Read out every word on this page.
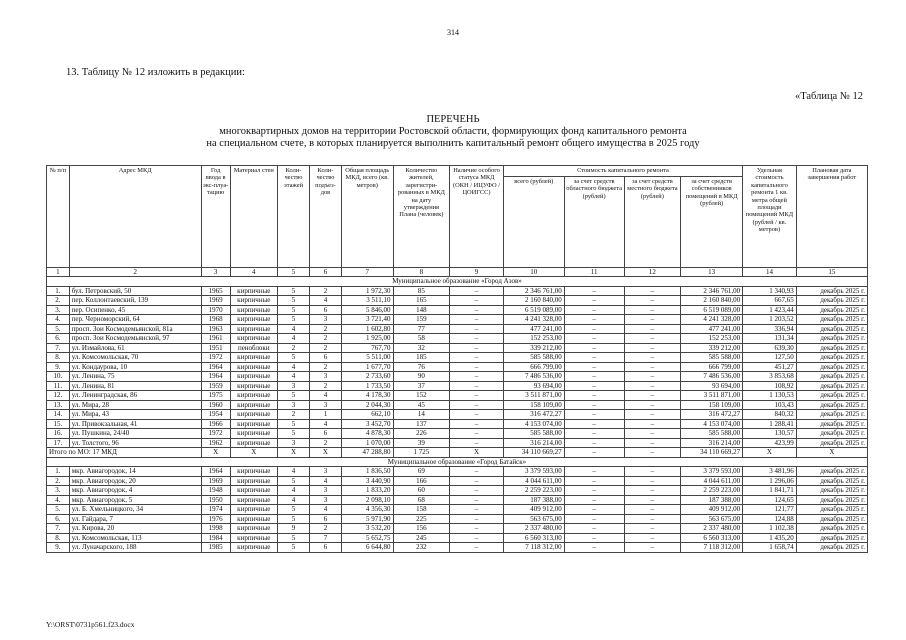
314
13. Таблицу № 12 изложить в редакции:
«Таблица № 12
ПЕРЕЧЕНЬ
многоквартирных домов на территории Ростовской области, формирующих фонд капитального ремонта
на специальном счете, в которых планируется выполнить капитальный ремонт общего имущества в 2025 году
№ п/п	Адрес МКД	Год ввода в экс-плуа-тацию	Материал стен	Коли-чество этажей	Коли-чество подъез-дов	Общая площадь МКД, всего (кв. метров)	Количество жителей, зарегистри-рованных в МКД на дату утверждения Плана (человек)	Наличие особого статуса МКД (ОКН / ИЦУФО / ЦОИГСС)	Стоимость капитального ремонта				Удельная стоимость капитального ремонта 1 кв. метра общей площади помещений МКД (рублей / кв. метров)	Плановая дата завершения работ
									всего (рублей)	за счет средств областного бюджета (рублей)	за счет средств местного бюджета (рублей)	за счет средств собственников помещений в МКД (рублей)		
1	2	3	4	5	6	7	8	9	10	11	12	13	14	15
Муниципальное образование «Город Азов»														
1.	бул. Петровский, 50	1965	кирпичные	5	2	1 972,30	85	–	2 346 761,00	–	–	2 346 761,00	1 340,93	декабрь 2025 г.
2.	пер. Коллонтаевский, 139	1969	кирпичные	5	4	3 511,10	165	–	2 160 840,00	–	–	2 160 840,00	667,65	декабрь 2025 г.
3.	пер. Осипенко, 45	1970	кирпичные	5	6	5 846,00	148	–	6 519 089,00	–	–	6 519 089,00	1 423,44	декабрь 2025 г.
4.	пер. Черноморский, 64	1968	кирпичные	5	3	3 721,40	159	–	4 241 328,00	–	–	4 241 328,00	1 203,52	декабрь 2025 г.
5.	просп. Зои Космодемьянской, 81а	1963	кирпичные	4	2	1 602,80	77	–	477 241,00	–	–	477 241,00	336,94	декабрь 2025 г.
6.	просп. Зои Космодемьянской, 97	1961	кирпичные	4	2	1 925,00	58	–	152 253,00	–	–	152 253,00	131,34	декабрь 2025 г.
7.	ул. Измайлова, 61	1951	пеноблоки	2	2	767,70	32	–	339 212,00	–	–	339 212,00	639,30	декабрь 2025 г.
8.	ул. Комсомольская, 70	1972	кирпичные	5	6	5 511,00	185	–	585 588,00	–	–	585 588,00	127,50	декабрь 2025 г.
9.	ул. Кондаурова, 10	1964	кирпичные	4	2	1 677,70	76	–	666 799,00	–	–	666 799,00	451,27	декабрь 2025 г.
10.	ул. Ленина, 75	1964	кирпичные	4	3	2 733,60	90	–	7 486 536,00	–	–	7 486 536,00	3 853,68	декабрь 2025 г.
11.	ул. Ленина, 81	1959	кирпичные	3	2	1 733,50	37	–	93 694,00	–	–	93 694,00	108,92	декабрь 2025 г.
12.	ул. Ленинградская, 86	1975	кирпичные	5	4	4 178,30	152	–	3 511 871,00	–	–	3 511 871,00	1 130,53	декабрь 2025 г.
13.	ул. Мира, 28	1960	кирпичные	3	3	2 044,30	45	–	158 109,00	–	–	158 109,00	103,43	декабрь 2025 г.
14.	ул. Мира, 43	1954	кирпичные	2	1	662,10	14	–	316 472,27	–	–	316 472,27	840,32	декабрь 2025 г.
15.	ул. Привокзальная, 41	1966	кирпичные	5	4	3 452,70	137	–	4 153 074,00	–	–	4 153 074,00	1 288,41	декабрь 2025 г.
16.	ул. Пушкина, 24/40	1972	кирпичные	5	6	4 878,30	226	–	585 588,00	–	–	585 588,00	130,57	декабрь 2025 г.
17.	ул. Толстого, 96	1962	кирпичные	3	2	1 070,00	39	–	316 214,00	–	–	316 214,00	423,99	декабрь 2025 г.
Итого по МО: 17 МКД		X	X	X	X	47 288,80	1 725	X	34 110 669,27	–	–	34 110 669,27	X	X
Муниципальное образование «Город Батайск»														
1.	мкр. Авиагородок, 14	1964	кирпичные	4	3	1 836,50	69	–	3 379 593,00	–	–	3 379 593,00	3 481,96	декабрь 2025 г.
2.	мкр. Авиагородок, 20	1969	кирпичные	5	4	3 440,90	166	–	4 044 611,00	–	–	4 044 611,00	1 296,06	декабрь 2025 г.
3.	мкр. Авиагородок, 4	1948	кирпичные	4	3	1 833,20	60	–	2 259 223,00	–	–	2 259 223,00	1 841,71	декабрь 2025 г.
4.	мкр. Авиагородок, 5	1950	кирпичные	4	3	2 098,10	68	–	187 388,00	–	–	187 388,00	124,65	декабрь 2025 г.
5.	ул. Б. Хмельницкого, 34	1974	кирпичные	5	4	4 356,30	158	–	409 912,00	–	–	409 912,00	121,77	декабрь 2025 г.
6.	ул. Гайдара, 7	1976	кирпичные	5	6	5 971,90	225	–	563 675,00	–	–	563 675,00	124,88	декабрь 2025 г.
7.	ул. Кирова, 20	1998	кирпичные	9	2	3 532,20	156	–	2 337 480,00	–	–	2 337 480,00	1 102,38	декабрь 2025 г.
8.	ул. Комсомольская, 113	1984	кирпичные	5	7	5 652,75	245	–	6 560 313,00	–	–	6 560 313,00	1 435,20	декабрь 2025 г.
9.	ул. Луначарского, 188	1985	кирпичные	5	6	6 644,80	232	–	7 118 312,00	–	–	7 118 312,00	1 658,74	декабрь 2025 г.
Y:\ORST\0731p561.f23.docx
